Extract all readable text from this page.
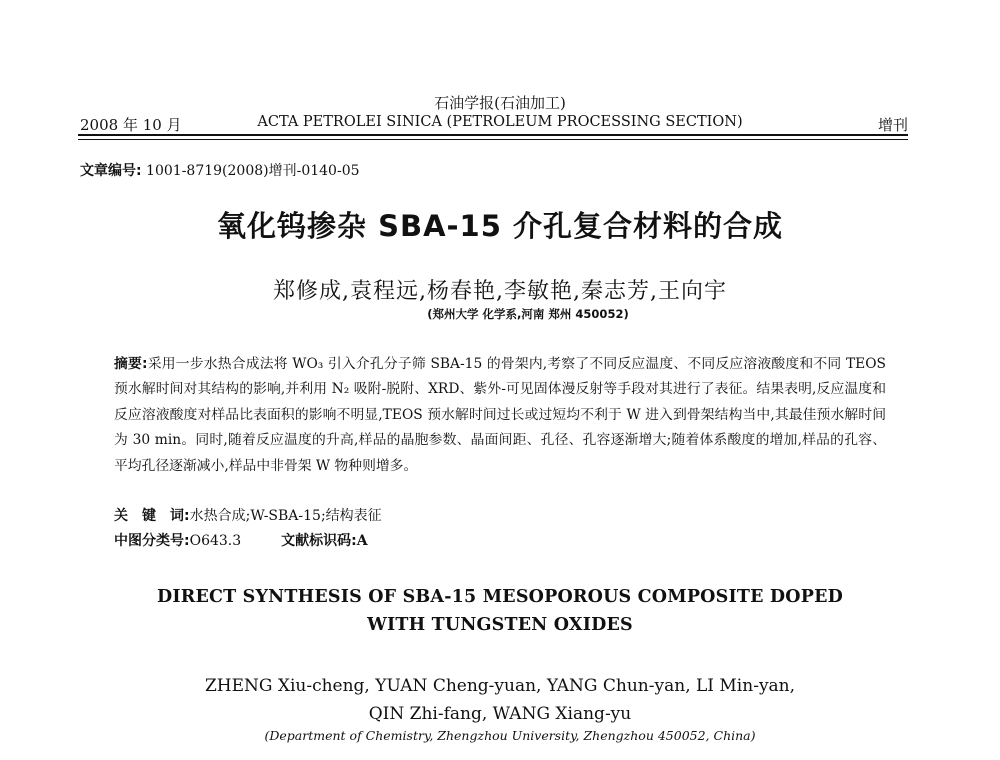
石油学报(石油加工)
2008 年 10 月	ACTA PETROLEI SINICA (PETROLEUM PROCESSING SECTION)	增刊
文章编号: 1001-8719(2008)增刊-0140-05
氧化钨掺杂 SBA-15 介孔复合材料的合成
郑修成,袁程远,杨春艳,李敏艳,秦志芳,王向宇
(郑州大学 化学系,河南 郑州 450052)
摘要:采用一步水热合成法将 WO₃ 引入介孔分子筛 SBA-15 的骨架内,考察了不同反应温度、不同反应溶液酸度和不同 TEOS 预水解时间对其结构的影响,并利用 N₂ 吸附-脱附、XRD、紫外-可见固体漫反射等手段对其进行了表征。结果表明,反应温度和反应溶液酸度对样品比表面积的影响不明显,TEOS 预水解时间过长或过短均不利于 W 进入到骨架结构当中,其最佳预水解时间为 30 min。同时,随着反应温度的升高,样品的晶胞参数、晶面间距、孔径、孔容逐渐增大;随着体系酸度的增加,样品的孔容、平均孔径逐渐减小,样品中非骨架 W 物种则增多。
关　键　词:水热合成;W-SBA-15;结构表征
中图分类号:O643.3	文献标识码:A
DIRECT SYNTHESIS OF SBA-15 MESOPOROUS COMPOSITE DOPED
WITH TUNGSTEN OXIDES
ZHENG Xiu-cheng, YUAN Cheng-yuan, YANG Chun-yan, LI Min-yan,
QIN Zhi-fang, WANG Xiang-yu
(Department of Chemistry, Zhengzhou University, Zhengzhou 450052, China)
